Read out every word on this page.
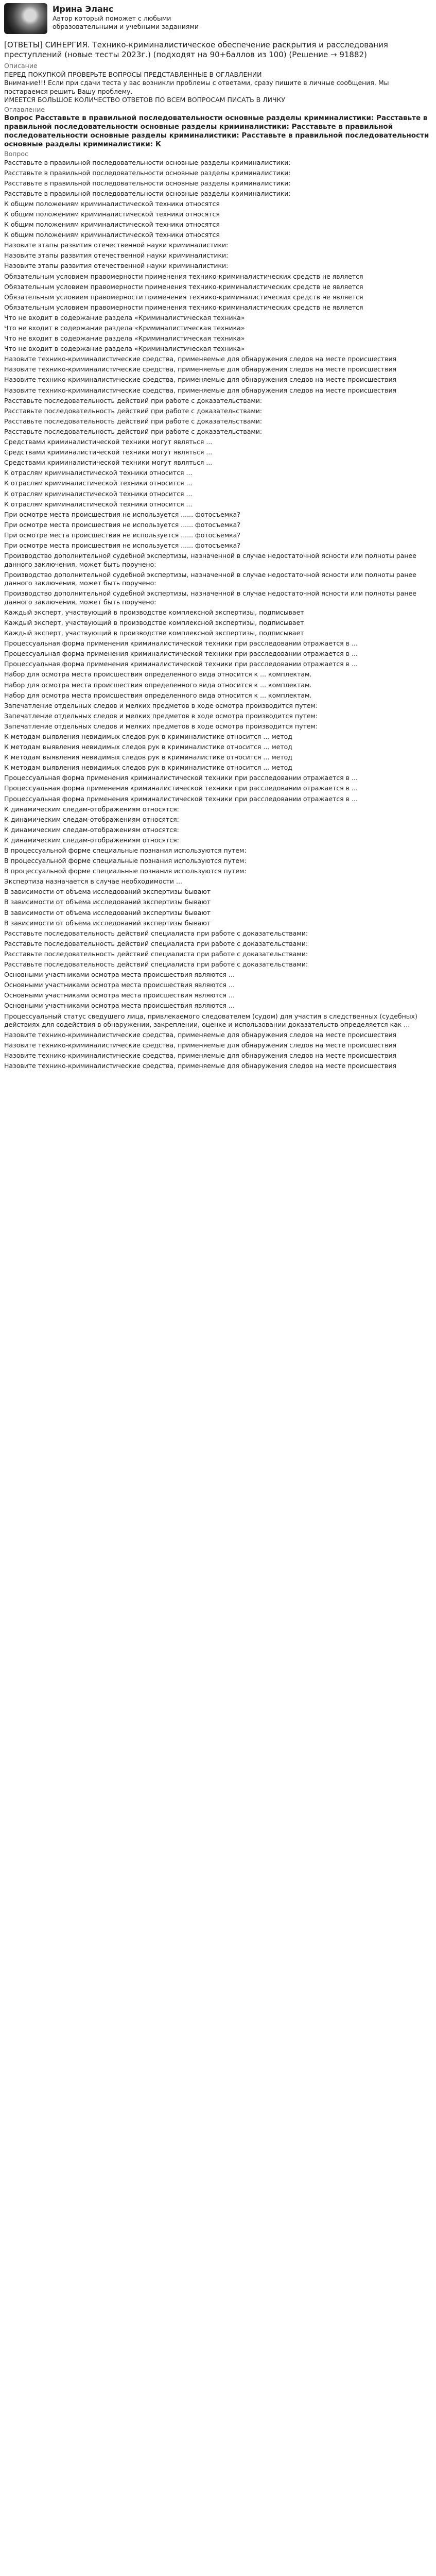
Ирина Эланс
Автор который поможет с любыми образовательными и учебными заданиями
[ОТВЕТЫ] СИНЕРГИЯ. Технико-криминалистическое обеспечение раскрытия и расследования преступлений (новые тесты 2023г.) (подходят на 90+баллов из 100) (Решение → 91882)
Описание

ПЕРЕД ПОКУПКОЙ ПРОВЕРЬТЕ ВОПРОСЫ ПРЕДСТАВЛЕННЫЕ В ОГЛАВЛЕНИИ

Внимание!!! Если при сдачи теста у вас возникли проблемы с ответами, сразу пишите в личные сообщения. Мы постараемся решить Вашу проблему.

ИМЕЕТСЯ БОЛЬШОЕ КОЛИЧЕСТВО ОТВЕТОВ ПО ВСЕМ ВОПРОСАМ ПИСАТЬ В ЛИЧКУ

Оглавление
Вопрос Расставьте в правильной последовательности основные разделы криминалистики: Расставьте в правильной последовательности основные разделы криминалистики: Расставьте в правильной последовательности основные разделы криминалистики: Расставьте в правильной последовательности основные разделы криминалистики: К
Вопрос

Расставьте в правильной последовательности основные разделы криминалистики:

Расставьте в правильной последовательности основные разделы криминалистики:

Расставьте в правильной последовательности основные разделы криминалистики:

Расставьте в правильной последовательности основные разделы криминалистики:

К общим положениям криминалистической техники относятся

К общим положениям криминалистической техники относятся

К общим положениям криминалистической техники относятся

К общим положениям криминалистической техники относятся

Назовите этапы развития отечественной науки криминалистики:

Назовите этапы развития отечественной науки криминалистики:

Назовите этапы развития отечественной науки криминалистики:

Обязательным условием правомерности применения технико-криминалистических средств не является

Обязательным условием правомерности применения технико-криминалистических средств не является

Обязательным условием правомерности применения технико-криминалистических средств не является

Обязательным условием правомерности применения технико-криминалистических средств не является

Что не входит в содержание раздела «Криминалистическая техника»

Что не входит в содержание раздела «Криминалистическая техника»

Что не входит в содержание раздела «Криминалистическая техника»

Что не входит в содержание раздела «Криминалистическая техника»

Назовите технико-криминалистические средства, применяемые для обнаружения следов на месте происшествия

Назовите технико-криминалистические средства, применяемые для обнаружения следов на месте происшествия

Назовите технико-криминалистические средства, применяемые для обнаружения следов на месте происшествия

Назовите технико-криминалистические средства, применяемые для обнаружения следов на месте происшествия

Расставьте последовательность действий при работе с доказательствами:

Расставьте последовательность действий при работе с доказательствами:

Расставьте последовательность действий при работе с доказательствами:

Расставьте последовательность действий при работе с доказательствами:

Средствами криминалистической техники могут являться ...

Средствами криминалистической техники могут являться ...

Средствами криминалистической техники могут являться ...

К отраслям криминалистической техники относится ...

К отраслям криминалистической техники относится ...

К отраслям криминалистической техники относится ...

К отраслям криминалистической техники относится ...

При осмотре места происшествия не используется ...... фотосъемка?

При осмотре места происшествия не используется ...... фотосъемка?

При осмотре места происшествия не используется ...... фотосъемка?

При осмотре места происшествия не используется ...... фотосъемка?

Производство дополнительной судебной экспертизы, назначенной в случае недостаточной ясности или полноты ранее данного заключения, может быть поручено:

Производство дополнительной судебной экспертизы, назначенной в случае недостаточной ясности или полноты ранее данного заключения, может быть поручено:

Производство дополнительной судебной экспертизы, назначенной в случае недостаточной ясности или полноты ранее данного заключения, может быть поручено:

Каждый эксперт, участвующий в производстве комплексной экспертизы, подписывает

Каждый эксперт, участвующий в производстве комплексной экспертизы, подписывает

Каждый эксперт, участвующий в производстве комплексной экспертизы, подписывает

Процессуальная форма применения криминалистической техники при расследовании отражается в ...

Процессуальная форма применения криминалистической техники при расследовании отражается в ...

Процессуальная форма применения криминалистической техники при расследовании отражается в ...

Набор для осмотра места происшествия определенного вида относится к ... комплектам.

Набор для осмотра места происшествия определенного вида относится к ... комплектам.

Набор для осмотра места происшествия определенного вида относится к ... комплектам.

Запечатление отдельных следов и мелких предметов в ходе осмотра производится путем:

Запечатление отдельных следов и мелких предметов в ходе осмотра производится путем:

Запечатление отдельных следов и мелких предметов в ходе осмотра производится путем:

К методам выявления невидимых следов рук в криминалистике относится ... метод

К методам выявления невидимых следов рук в криминалистике относится ... метод

К методам выявления невидимых следов рук в криминалистике относится ... метод

К методам выявления невидимых следов рук в криминалистике относится ... метод

Процессуальная форма применения криминалистической техники при расследовании отражается в ...

Процессуальная форма применения криминалистической техники при расследовании отражается в ...

Процессуальная форма применения криминалистической техники при расследовании отражается в ...

К динамическим следам-отображениям относятся:

К динамическим следам-отображениям относятся:

К динамическим следам-отображениям относятся:

К динамическим следам-отображениям относятся:

В процессуальной форме специальные познания используются путем:

В процессуальной форме специальные познания используются путем:

В процессуальной форме специальные познания используются путем:

Экспертиза назначается в случае необходимости ...

В зависимости от объема исследований экспертизы бывают

В зависимости от объема исследований экспертизы бывают

В зависимости от объема исследований экспертизы бывают

В зависимости от объема исследований экспертизы бывают

Расставьте последовательность действий специалиста при работе с доказательствами:

Расставьте последовательность действий специалиста при работе с доказательствами:

Расставьте последовательность действий специалиста при работе с доказательствами:

Расставьте последовательность действий специалиста при работе с доказательствами:

Основными участниками осмотра места происшествия являются ...

Основными участниками осмотра места происшествия являются ...

Основными участниками осмотра места происшествия являются ...

Основными участниками осмотра места происшествия являются ...

Процессуальный статус сведущего лица, привлекаемого следователем (судом) для участия в следственных (судебных) действиях для содействия в обнаружении, закреплении, оценке и использовании доказательств определяется как ...

Назовите технико-криминалистические средства, применяемые для обнаружения следов на месте происшествия

Назовите технико-криминалистические средства, применяемые для обнаружения следов на месте происшествия

Назовите технико-криминалистические средства, применяемые для обнаружения следов на месте происшествия

Назовите технико-криминалистические средства, применяемые для обнаружения следов на месте происшествия
